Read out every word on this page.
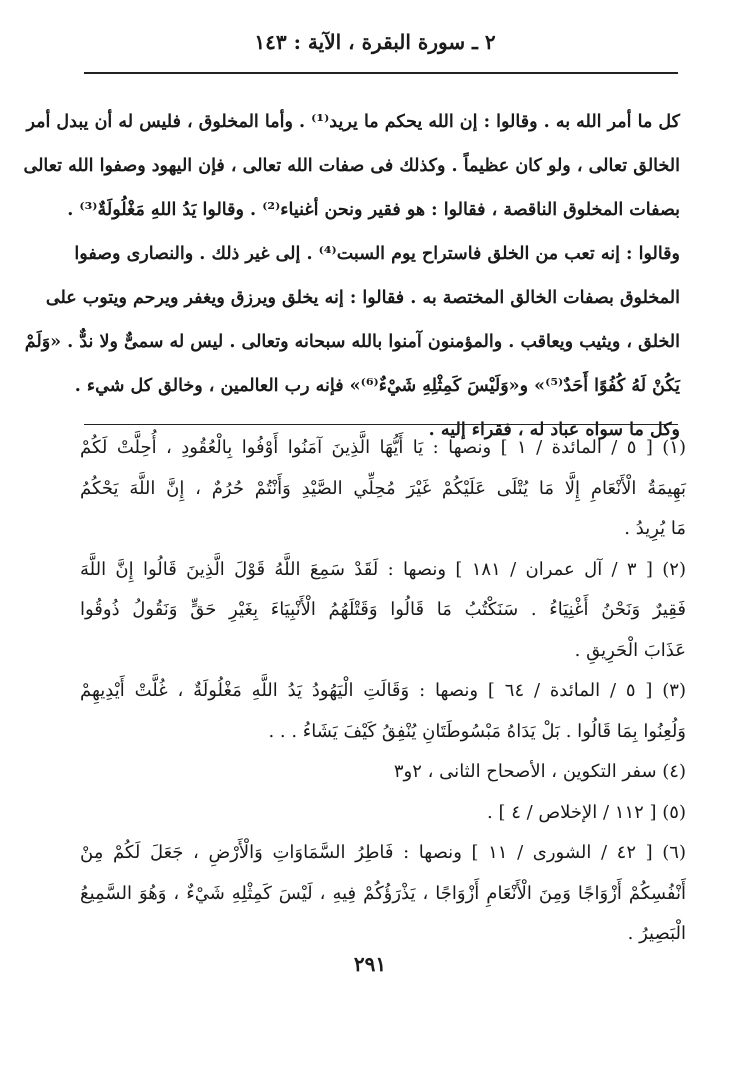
٢ ـ سورة البقرة ، الآية : ١٤٣
كل ما أمر الله به . وقالوا : إن الله يحكم ما يريد⁽¹⁾ . وأما المخلوق ، فليس له أن يبدل أمر
الخالق تعالى ، ولو كان عظيماً . وكذلك فى صفات الله تعالى ، فإن اليهود وصفوا الله تعالى
بصفات المخلوق الناقصة ، فقالوا : هو فقير ونحن أغنياء⁽²⁾ . وقالوا يَدُ اللهِ مَغْلُولَةٌ⁽³⁾ .
وقالوا : إنه تعب من الخلق فاستراح يوم السبت⁽⁴⁾ . إلى غير ذلك . والنصارى وصفوا
المخلوق بصفات الخالق المختصة به . فقالوا : إنه يخلق ويرزق ويغفر ويرحم ويتوب على
الخلق ، ويثيب ويعاقب . والمؤمنون آمنوا بالله سبحانه وتعالى . ليس له سمىٌّ ولا ندٌّ . «وَلَمْ
يَكُنْ لَهُ كُفُوًا أَحَدٌ⁽⁵⁾» و«وَلَيْسَ كَمِثْلِهِ شَيْءٌ⁽⁶⁾» فإنه رب العالمين ، وخالق كل شيء .
وكل ما سواه عباد له ، فقراء إليه .
(١) [ ٥ / المائدة / ١ ] ونصها : يَا أَيُّهَا الَّذِينَ آمَنُوا أَوْفُوا بِالْعُقُودِ ، أُحِلَّتْ لَكُمْ
بَهِيمَةُ الْأَنْعَامِ إِلَّا مَا يُتْلَى عَلَيْكُمْ غَيْرَ مُحِلِّي الصَّيْدِ وَأَنْتُمْ حُرُمٌ ، إِنَّ اللَّهَ يَحْكُمُ
مَا يُرِيدُ .
(٢) [ ٣ / آل عمران / ١٨١ ] ونصها : لَقَدْ سَمِعَ اللَّهُ قَوْلَ الَّذِينَ قَالُوا إِنَّ اللَّهَ
فَقِيرٌ وَنَحْنُ أَغْنِيَاءُ . سَنَكْتُبُ مَا قَالُوا وَقَتْلَهُمُ الْأَنْبِيَاءَ بِغَيْرِ حَقٍّ وَنَقُولُ ذُوقُوا
عَذَابَ الْحَرِيقِ .
(٣) [ ٥ / المائدة / ٦٤ ] ونصها : وَقَالَتِ الْيَهُودُ يَدُ اللَّهِ مَغْلُولَةٌ ، غُلَّتْ أَيْدِيهِمْ
وَلُعِنُوا بِمَا قَالُوا . بَلْ يَدَاهُ مَبْسُوطَتَانِ يُنْفِقُ كَيْفَ يَشَاءُ . . .
(٤) سفر التكوين ، الأصحاح الثانى ، ٢و٣
(٥) [ ١١٢ / الإخلاص / ٤ ] .
(٦) [ ٤٢ / الشورى / ١١ ] ونصها : فَاطِرُ السَّمَاوَاتِ وَالْأَرْضِ ، جَعَلَ لَكُمْ مِنْ
أَنْفُسِكُمْ أَزْوَاجًا وَمِنَ الْأَنْعَامِ أَزْوَاجًا ، يَذْرَؤُكُمْ فِيهِ ، لَيْسَ كَمِثْلِهِ شَيْءٌ ، وَهُوَ السَّمِيعُ
الْبَصِيرُ .
٢٩١
